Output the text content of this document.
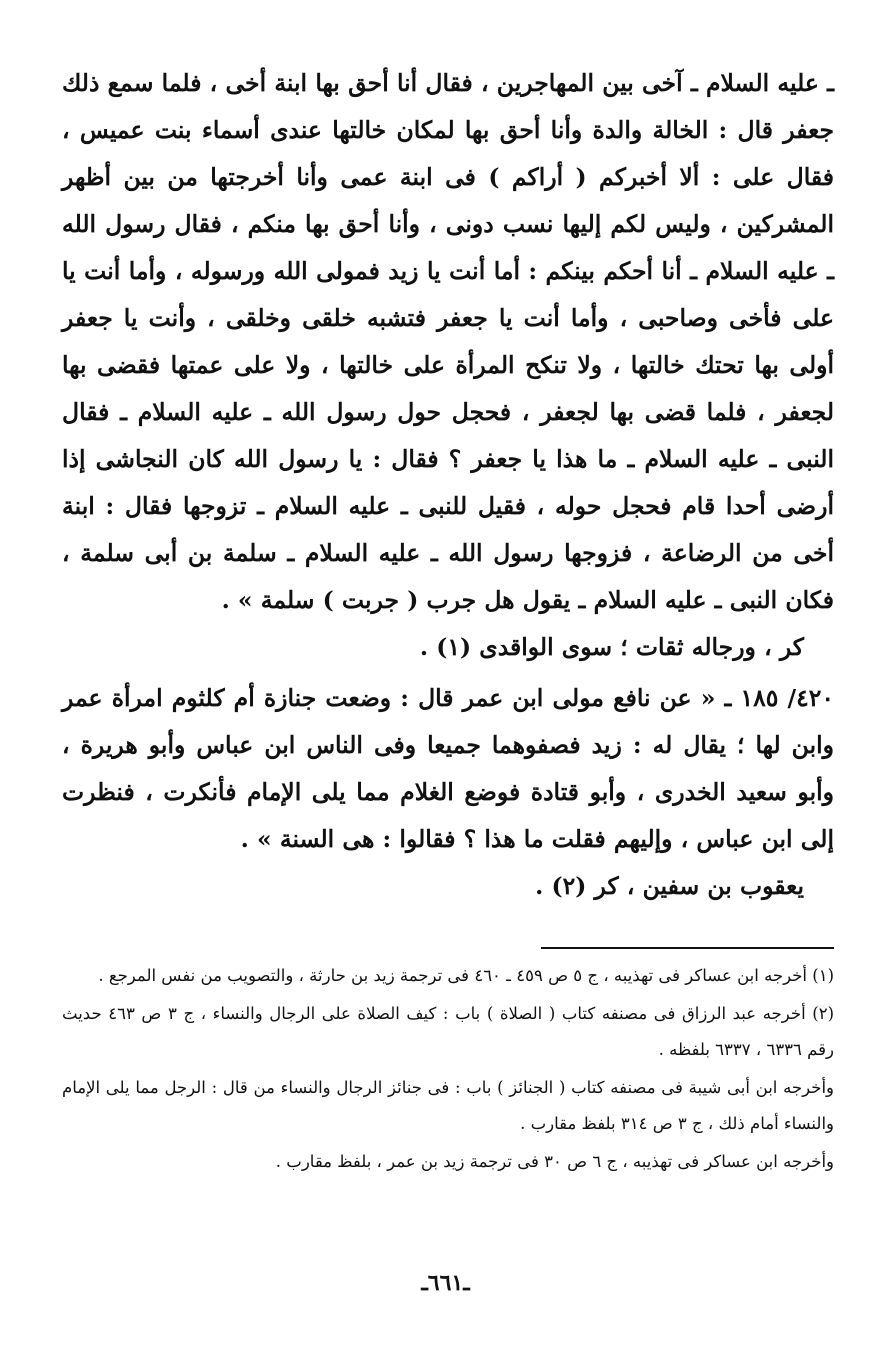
ـ عليه السلام ـ آخى بين المهاجرين ، فقال أنا أحق بها ابنة أخى ، فلما سمع ذلك جعفر قال : الخالة والدة وأنا أحق بها لمكان خالتها عندى أسماء بنت عميس ، فقال على : ألا أخبركم ( أراكم ) فى ابنة عمى وأنا أخرجتها من بين أظهر المشركين ، وليس لكم إليها نسب دونى ، وأنا أحق بها منكم ، فقال رسول الله ـ عليه السلام ـ أنا أحكم بينكم : أما أنت يا زيد فمولى الله ورسوله ، وأما أنت يا على فأخى وصاحبى ، وأما أنت يا جعفر فتشبه خلقى وخلقى ، وأنت يا جعفر أولى بها تحتك خالتها ، ولا تنكح المرأة على خالتها ، ولا على عمتها فقضى بها لجعفر ، فلما قضى بها لجعفر ، فحجل حول رسول الله ـ عليه السلام ـ فقال النبى ـ عليه السلام ـ ما هذا يا جعفر ؟ فقال : يا رسول الله كان النجاشى إذا أرضى أحدا قام فحجل حوله ، فقيل للنبى ـ عليه السلام ـ تزوجها فقال : ابنة أخى من الرضاعة ، فزوجها رسول الله ـ عليه السلام ـ سلمة بن أبى سلمة ، فكان النبى ـ عليه السلام ـ يقول هل جرب ( جربت ) سلمة » .

كر ، ورجاله ثقات ؛ سوى الواقدى (١) .

٤٢٠/ ١٨٥ ـ « عن نافع مولى ابن عمر قال : وضعت جنازة أم كلثوم امرأة عمر وابن لها ؛ يقال له : زيد فصفوهما جميعا وفى الناس ابن عباس وأبو هريرة ، وأبو سعيد الخدرى ، وأبو قتادة فوضع الغلام مما يلى الإمام فأنكرت ، فنظرت إلى ابن عباس ، وإليهم فقلت ما هذا ؟ فقالوا : هى السنة » .

يعقوب بن سفين ، كر (٢) .

(١) أخرجه ابن عساكر فى تهذيبه ، ج ٥ ص ٤٥٩ ـ ٤٦٠ فى ترجمة زيد بن حارثة ، والتصويب من نفس المرجع .

(٢) أخرجه عبد الرزاق فى مصنفه كتاب ( الصلاة ) باب : كيف الصلاة على الرجال والنساء ، ج ٣ ص ٤٦٣ حديث رقم ٦٣٣٦ ، ٦٣٣٧ بلفظه .

وأخرجه ابن أبى شيبة فى مصنفه كتاب ( الجنائز ) باب : فى جنائز الرجال والنساء من قال : الرجل مما يلى الإمام والنساء أمام ذلك ، ج ٣ ص ٣١٤ بلفظ مقارب .

وأخرجه ابن عساكر فى تهذيبه ، ج ٦ ص ٣٠ فى ترجمة زيد بن عمر ، بلفظ مقارب .

ـ٦٦١ـ
